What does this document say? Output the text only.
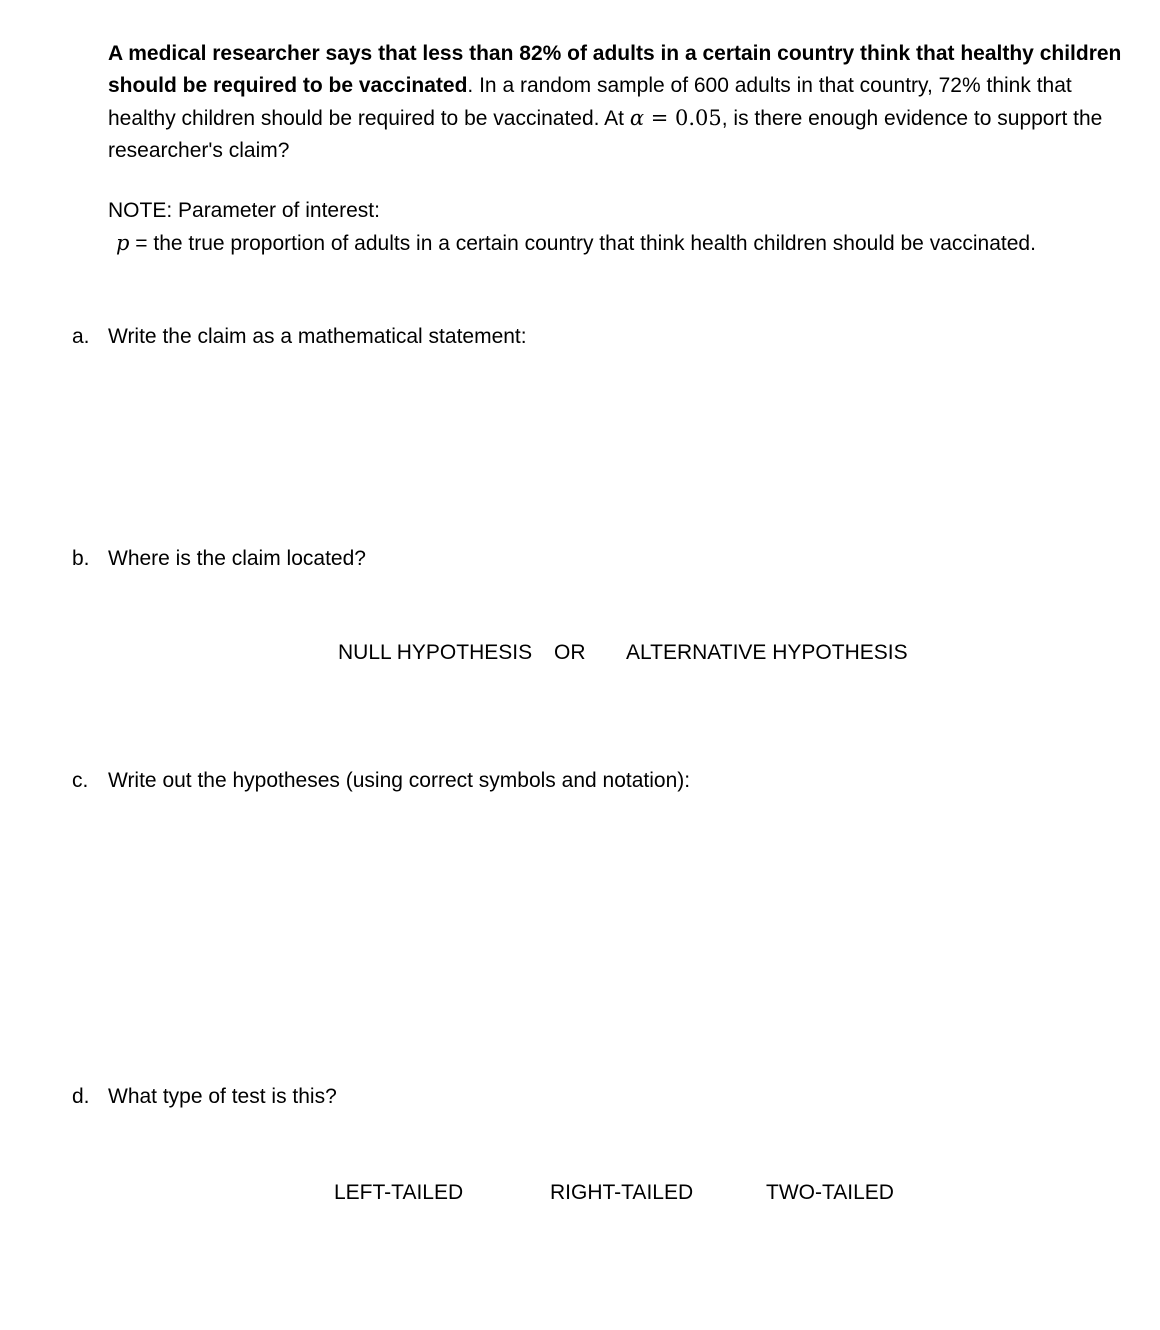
A medical researcher says that less than 82% of adults in a certain country think that healthy children should be required to be vaccinated. In a random sample of 600 adults in that country, 72% think that healthy children should be required to be vaccinated. At α = 0.05, is there enough evidence to support the researcher's claim?
NOTE: Parameter of interest:
p = the true proportion of adults in a certain country that think health children should be vaccinated.
a. Write the claim as a mathematical statement:
b. Where is the claim located?
NULL HYPOTHESIS OR ALTERNATIVE HYPOTHESIS
c. Write out the hypotheses (using correct symbols and notation):
d. What type of test is this?
LEFT-TAILED	RIGHT-TAILED	TWO-TAILED
